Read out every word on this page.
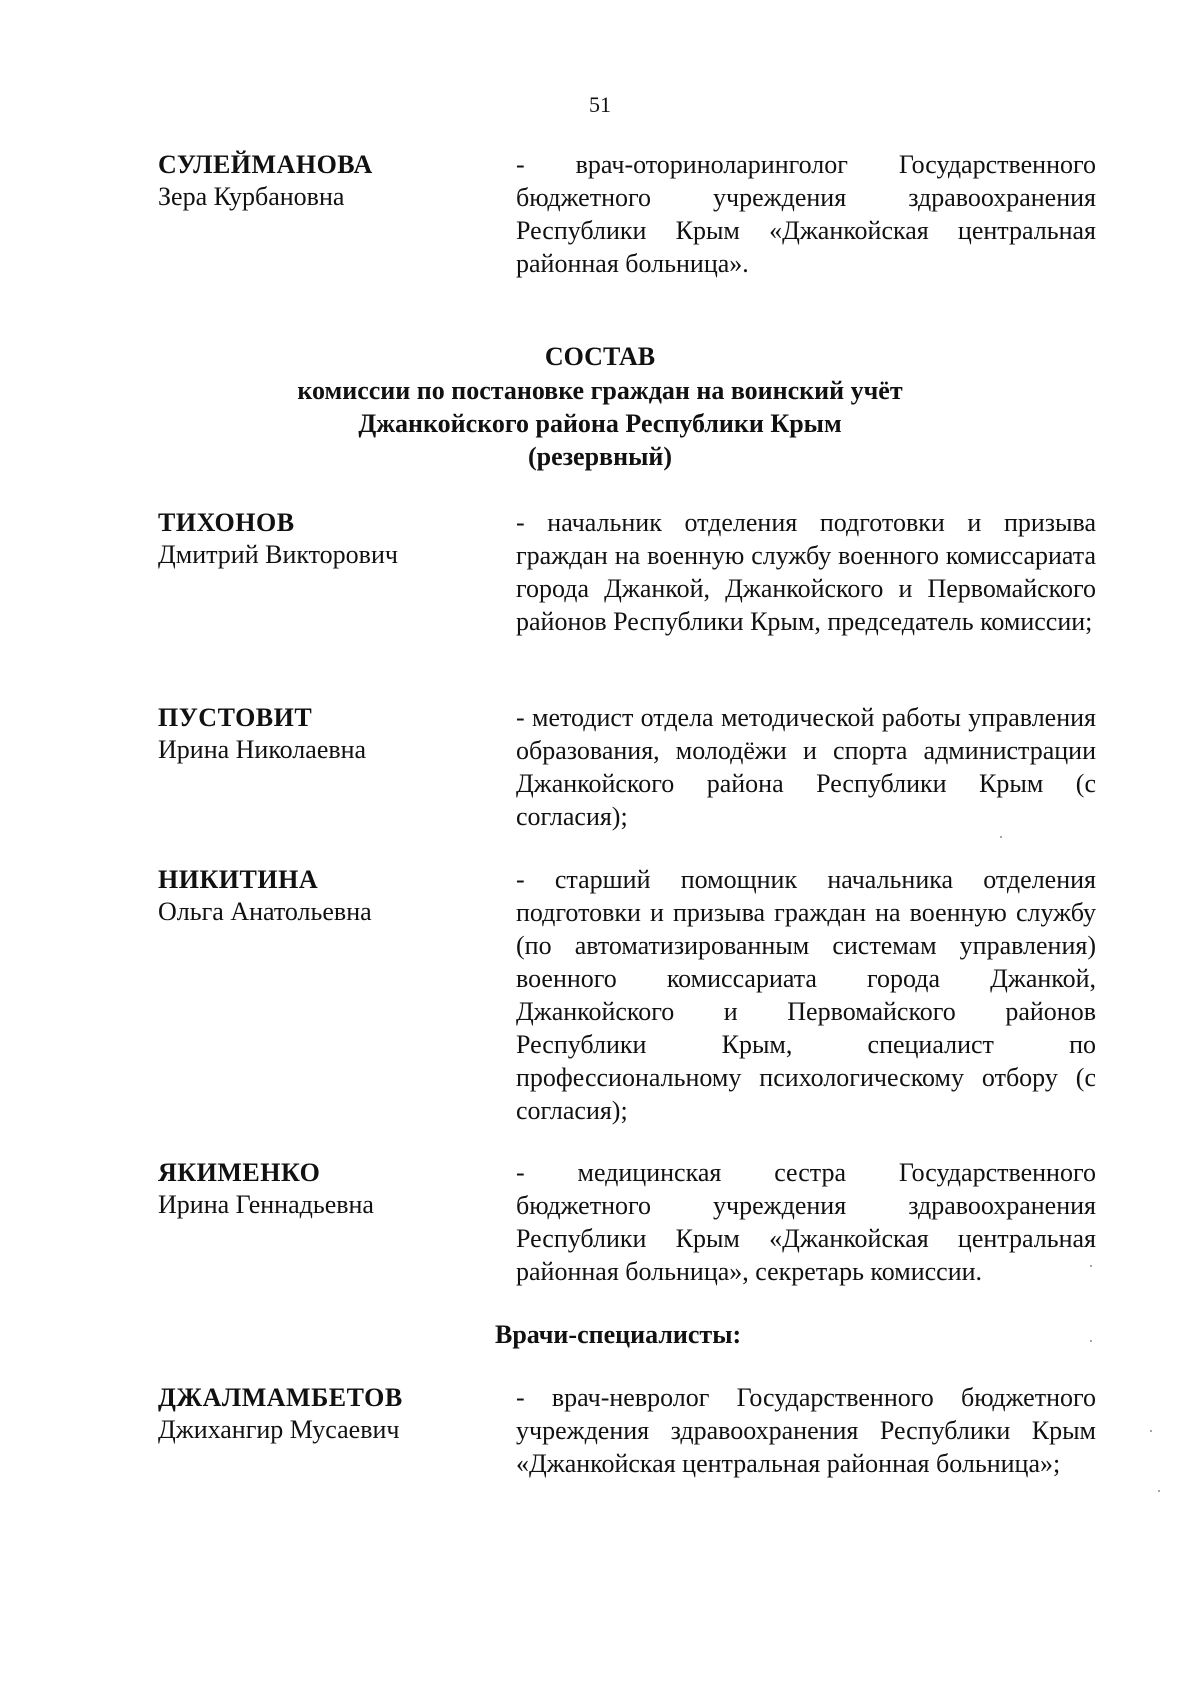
51
СУЛЕЙМАНОВА
Зера Курбановна
- врач-оториноларинголог Государственного бюджетного учреждения здравоохранения Республики Крым «Джанкойская центральная районная больница».
СОСТАВ
комиссии по постановке граждан на воинский учёт
Джанкойского района Республики Крым
(резервный)
ТИХОНОВ
Дмитрий Викторович
- начальник отделения подготовки и призыва граждан на военную службу военного комиссариата города Джанкой, Джанкойского и Первомайского районов Республики Крым, председатель комиссии;
ПУСТОВИТ
Ирина Николаевна
- методист отдела методической работы управления образования, молодёжи и спорта администрации Джанкойского района Республики Крым (с согласия);
НИКИТИНА
Ольга Анатольевна
- старший помощник начальника отделения подготовки и призыва граждан на военную службу (по автоматизированным системам управления) военного комиссариата города Джанкой, Джанкойского и Первомайского районов Республики Крым, специалист по профессиональному психологическому отбору (с согласия);
ЯКИМЕНКО
Ирина Геннадьевна
- медицинская сестра Государственного бюджетного учреждения здравоохранения Республики Крым «Джанкойская центральная районная больница», секретарь комиссии.
Врачи-специалисты:
ДЖАЛМАМБЕТОВ
Джихангир Мусаевич
- врач-невролог Государственного бюджетного учреждения здравоохранения Республики Крым «Джанкойская центральная районная больница»;
